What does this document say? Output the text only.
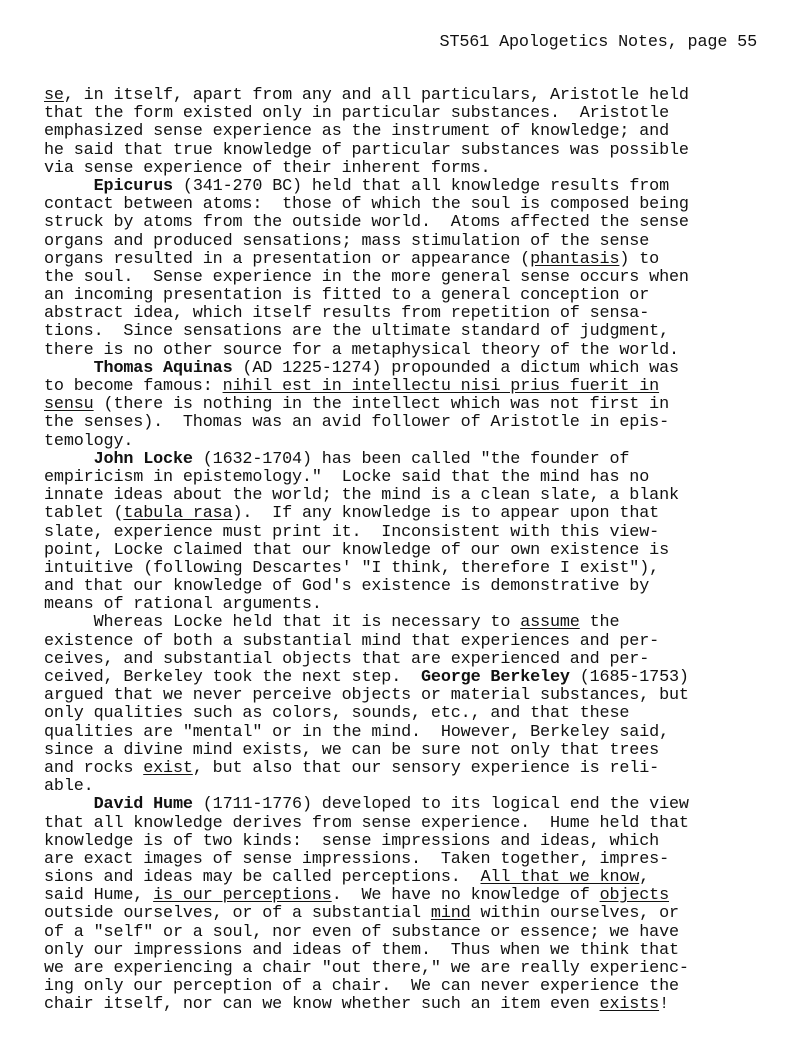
ST561 Apologetics Notes, page 55

se, in itself, apart from any and all particulars, Aristotle held
that the form existed only in particular substances.  Aristotle
emphasized sense experience as the instrument of knowledge; and
he said that true knowledge of particular substances was possible
via sense experience of their inherent forms.
Epicurus (341-270 BC) held that all knowledge results from
contact between atoms:  those of which the soul is composed being
struck by atoms from the outside world.  Atoms affected the sense
organs and produced sensations; mass stimulation of the sense
organs resulted in a presentation or appearance (phantasis) to
the soul.  Sense experience in the more general sense occurs when
an incoming presentation is fitted to a general conception or
abstract idea, which itself results from repetition of sensa-
tions.  Since sensations are the ultimate standard of judgment,
there is no other source for a metaphysical theory of the world.
Thomas Aquinas (AD 1225-1274) propounded a dictum which was
to become famous: nihil est in intellectu nisi prius fuerit in
sensu (there is nothing in the intellect which was not first in
the senses).  Thomas was an avid follower of Aristotle in epis-
temology.
John Locke (1632-1704) has been called "the founder of
empiricism in epistemology."  Locke said that the mind has no
innate ideas about the world; the mind is a clean slate, a blank
tablet (tabula rasa).  If any knowledge is to appear upon that
slate, experience must print it.  Inconsistent with this view-
point, Locke claimed that our knowledge of our own existence is
intuitive (following Descartes' "I think, therefore I exist"),
and that our knowledge of God's existence is demonstrative by
means of rational arguments.
Whereas Locke held that it is necessary to assume the
existence of both a substantial mind that experiences and per-
ceives, and substantial objects that are experienced and per-
ceived, Berkeley took the next step.  George Berkeley (1685-1753)
argued that we never perceive objects or material substances, but
only qualities such as colors, sounds, etc., and that these
qualities are "mental" or in the mind.  However, Berkeley said,
since a divine mind exists, we can be sure not only that trees
and rocks exist, but also that our sensory experience is reli-
able.
David Hume (1711-1776) developed to its logical end the view
that all knowledge derives from sense experience.  Hume held that
knowledge is of two kinds:  sense impressions and ideas, which
are exact images of sense impressions.  Taken together, impres-
sions and ideas may be called perceptions.  All that we know,
said Hume, is our perceptions.  We have no knowledge of objects
outside ourselves, or of a substantial mind within ourselves, or
of a "self" or a soul, nor even of substance or essence; we have
only our impressions and ideas of them.  Thus when we think that
we are experiencing a chair "out there," we are really experienc-
ing only our perception of a chair.  We can never experience the
chair itself, nor can we know whether such an item even exists!
